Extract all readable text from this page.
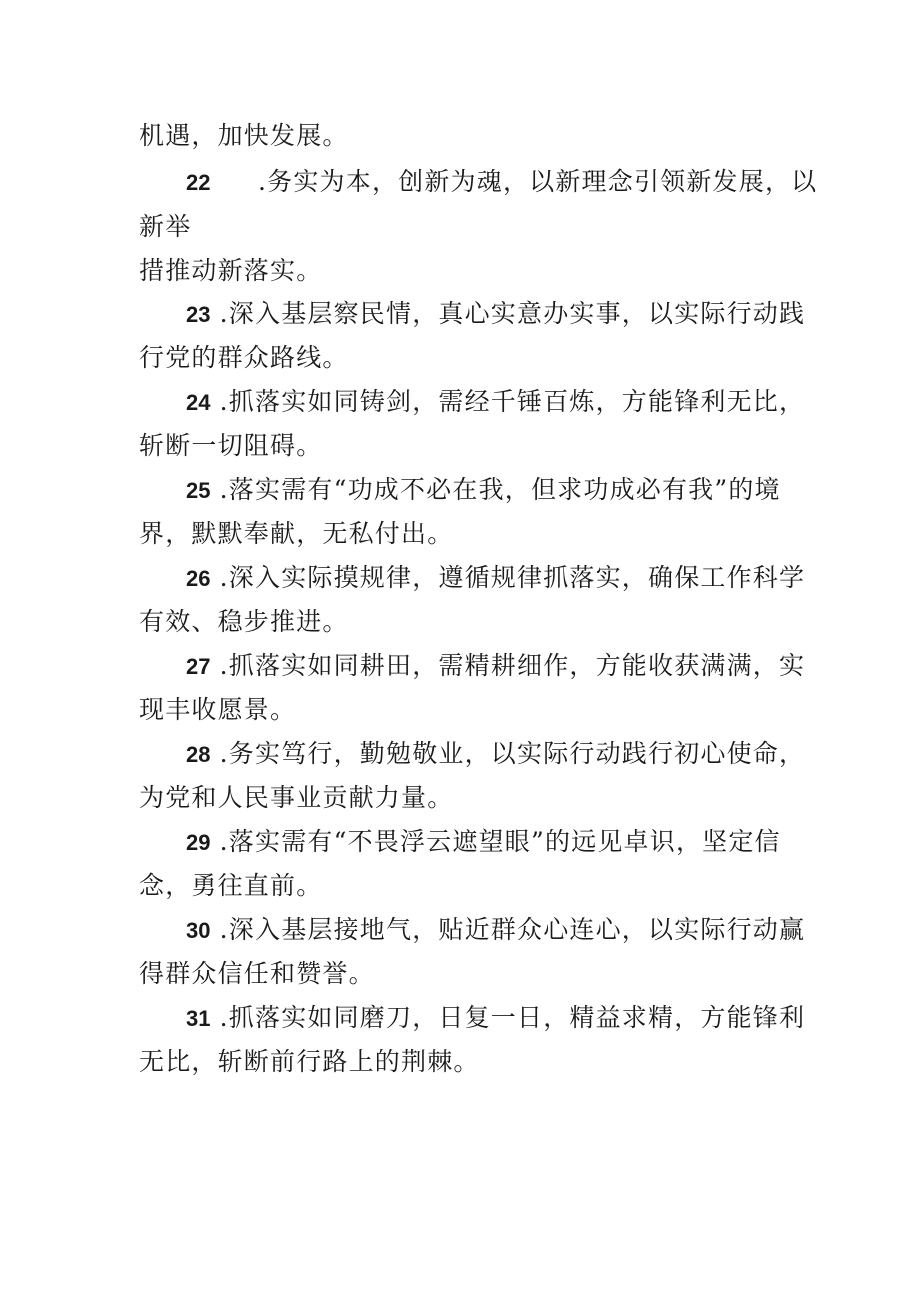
机遇，加快发展。
22 .务实为本，创新为魂，以新理念引领新发展，以
新举
措推动新落实。
23 .深入基层察民情，真心实意办实事，以实际行动践
行党的群众路线。
24 .抓落实如同铸剑，需经千锤百炼，方能锋利无比，
斩断一切阻碍。
25 .落实需有“功成不必在我，但求功成必有我”的境
界，默默奉献，无私付出。
26 .深入实际摸规律，遵循规律抓落实，确保工作科学
有效、稳步推进。
27 .抓落实如同耕田，需精耕细作，方能收获满满，实
现丰收愿景。
28 .务实笃行，勤勉敬业，以实际行动践行初心使命，
为党和人民事业贡献力量。
29 .落实需有“不畏浮云遮望眼”的远见卓识，坚定信
念，勇往直前。
30 .深入基层接地气，贴近群众心连心，以实际行动赢
得群众信任和赞誉。
31 .抓落实如同磨刀，日复一日，精益求精，方能锋利
无比，斩断前行路上的荆棘。
